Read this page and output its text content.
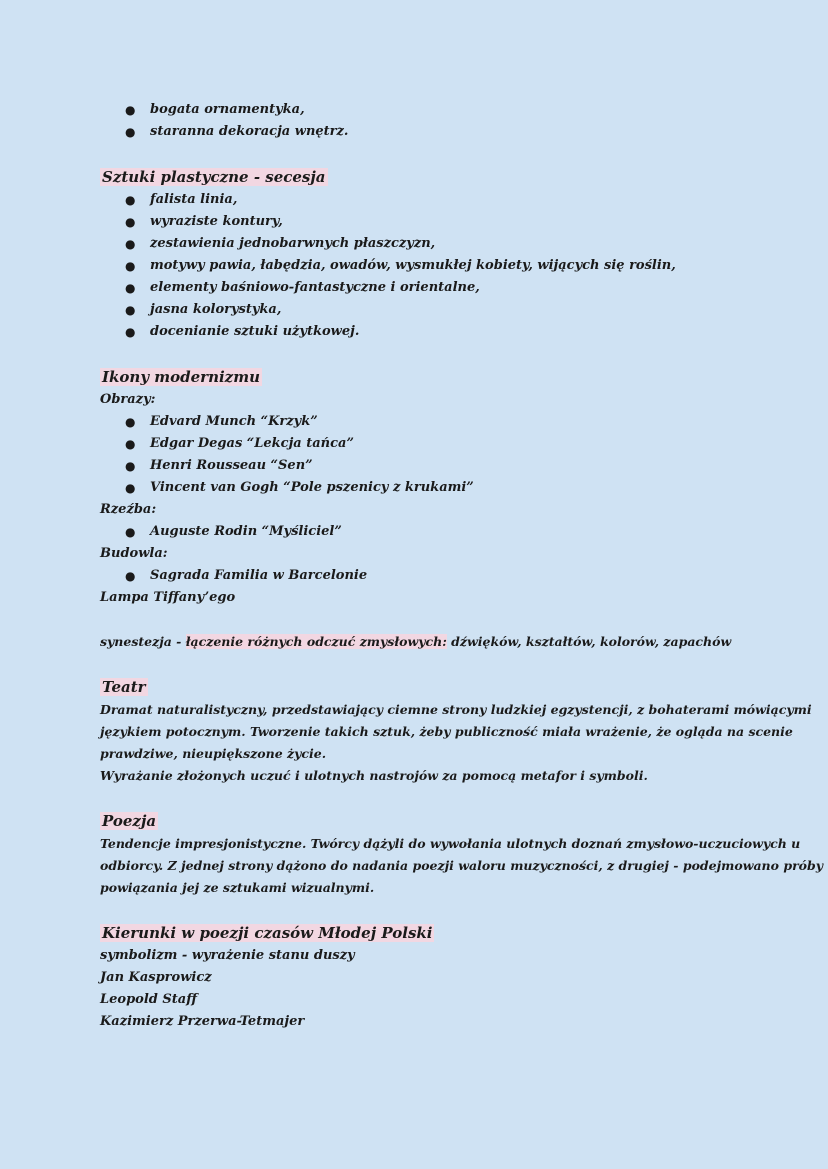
● bogata ornamentyka,
● staranna dekoracja wnętrz.
Sztuki plastyczne - secesja
● falista linia,
● wyraziste kontury,
● zestawienia jednobarwnych płaszczyzn,
● motywy pawia, łabędzia, owadów, wysmukłej kobiety, wijących się roślin,
● elementy baśniowo-fantastyczne i orientalne,
● jasna kolorystyka,
● docenianie sztuki użytkowej.
Ikony modernizmu
Obrazy:
● Edvard Munch “Krzyk”
● Edgar Degas “Lekcja tańca”
● Henri Rousseau “Sen”
● Vincent van Gogh “Pole pszenicy z krukami”
Rzeźba:
● Auguste Rodin “Myśliciel”
Budowla:
● Sagrada Familia w Barcelonie
Lampa Tiffany’ego
synestezja - łączenie różnych odczuć zmysłowych: dźwięków, kształtów, kolorów, zapachów
Teatr
Dramat naturalistyczny, przedstawiający ciemne strony ludzkiej egzystencji, z bohaterami mówiącymi
językiem potocznym. Tworzenie takich sztuk, żeby publiczność miała wrażenie, że ogląda na scenie
prawdziwe, nieupiększone życie.
Wyrażanie złożonych uczuć i ulotnych nastrojów za pomocą metafor i symboli.
Poezja
Tendencje impresjonistyczne. Twórcy dążyli do wywołania ulotnych doznań zmysłowo-uczuciowych u
odbiorcy. Z jednej strony dążono do nadania poezji waloru muzyczności, z drugiej - podejmowano próby
powiązania jej ze sztukami wizualnymi.
Kierunki w poezji czasów Młodej Polski
symbolizm - wyrażenie stanu duszy
Jan Kasprowicz
Leopold Staff
Kazimierz Przerwa-Tetmajer
